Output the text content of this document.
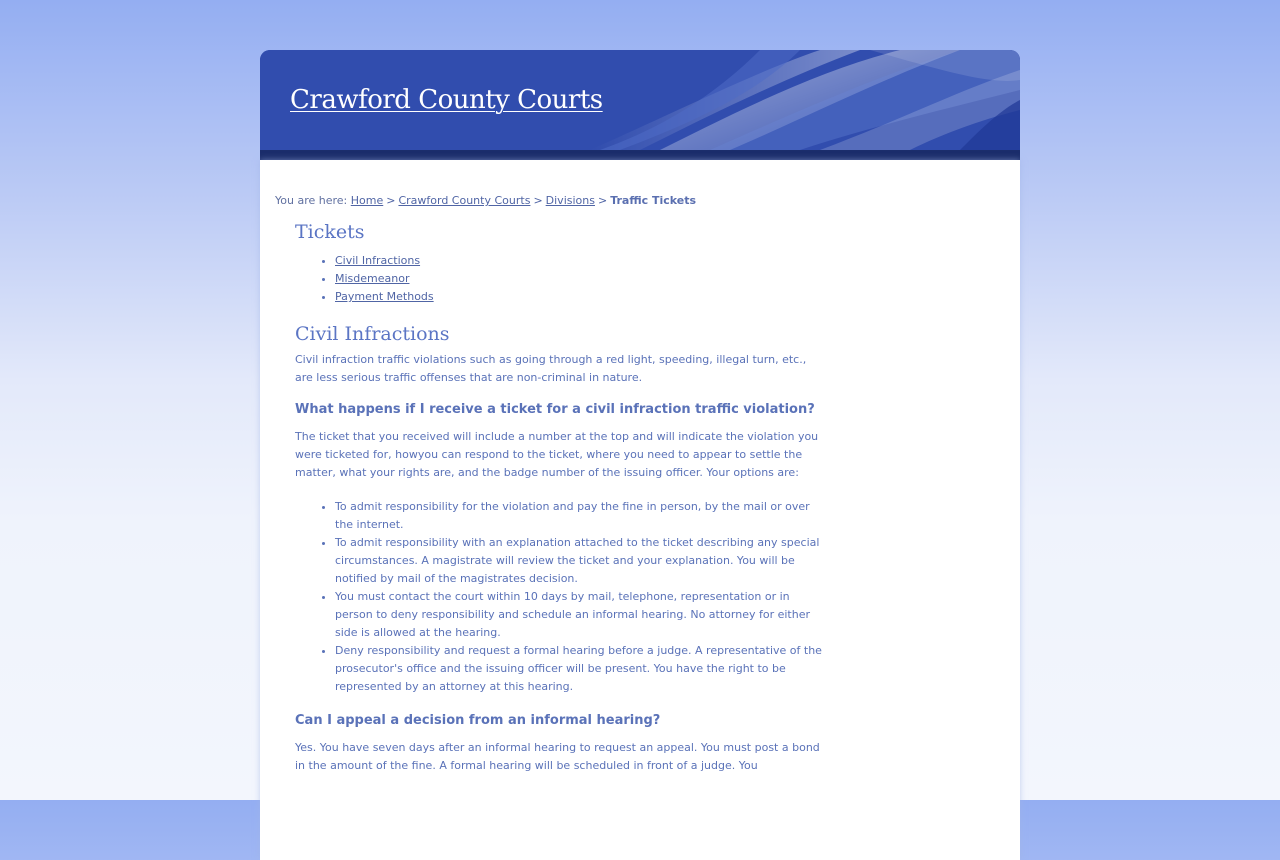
Crawford County Courts
You are here: Home > Crawford County Courts > Divisions > Traffic Tickets
Tickets
• Civil Infractions
• Misdemeanor
• Payment Methods
Civil Infractions

Civil infraction traffic violations such as going through a red light, speeding, illegal turn, etc., are less serious traffic offenses that are non-criminal in nature.

What happens if I receive a ticket for a civil infraction traffic violation?

The ticket that you received will include a number at the top and will indicate the violation you were ticketed for, howyou can respond to the ticket, where you need to appear to settle the matter, what your rights are, and the badge number of the issuing officer. Your options are:

• To admit responsibility for the violation and pay the fine in person, by the mail or over the internet.
• To admit responsibility with an explanation attached to the ticket describing any special circumstances. A magistrate will review the ticket and your explanation. You will be notified by mail of the magistrates decision.
• You must contact the court within 10 days by mail, telephone, representation or in person to deny responsibility and schedule an informal hearing. No attorney for either side is allowed at the hearing.
• Deny responsibility and request a formal hearing before a judge. A representative of the prosecutor's office and the issuing officer will be present. You have the right to be represented by an attorney at this hearing.
Can I appeal a decision from an informal hearing?

Yes. You have seven days after an informal hearing to request an appeal. You must post a bond in the amount of the fine. A formal hearing will be scheduled in front of a judge. You
